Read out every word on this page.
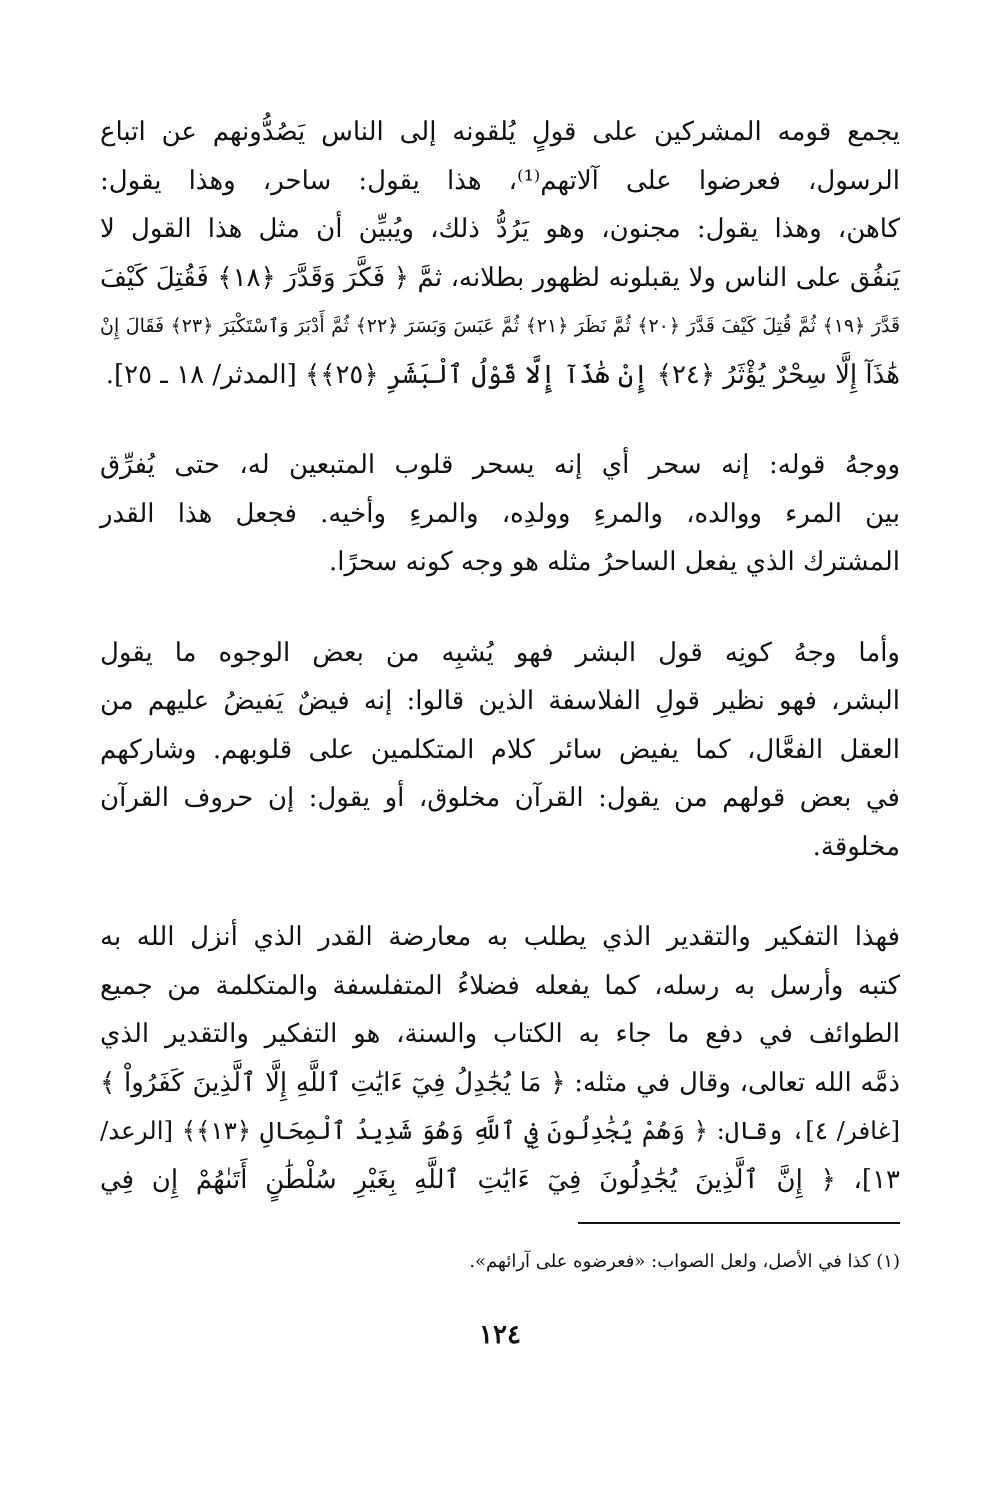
يجمع قومه المشركين على قولٍ يُلقونه إلى الناس يَصُدُّونهم عن اتباع
الرسول، فعرضوا على آلاتهم⁽¹⁾، هذا يقول: ساحر، وهذا يقول:
كاهن، وهذا يقول: مجنون، وهو يَرُدُّ ذلك، ويُبيِّن أن مثل هذا القول لا
يَنفُق على الناس ولا يقبلونه لظهور بطلانه، ثمَّ ﴿ فَكَّرَ وَقَدَّرَ ﴿١٨﴾ فَقُتِلَ كَيْفَ
قَدَّرَ ﴿١٩﴾ ثُمَّ قُتِلَ كَيْفَ قَدَّرَ ﴿٢٠﴾ ثُمَّ نَظَرَ ﴿٢١﴾ ثُمَّ عَبَسَ وَبَسَرَ ﴿٢٢﴾ ثُمَّ أَدْبَرَ وَٱسْتَكْبَرَ ﴿٢٣﴾ فَقَالَ إِنْ
هَٰذَآ إِلَّا سِحْرٌ يُؤْثَرُ ﴿٢٤﴾ إِنْ هَٰذَآ إِلَّا قَوْلُ ٱلْبَشَرِ ﴿٢٥﴾﴾ [المدثر/ ١٨ ـ ٢٥].
ووجهُ قوله: إنه سحر أي إنه يسحر قلوب المتبعين له، حتى يُفرِّق
بين المرء ووالده، والمرءِ وولدِه، والمرءِ وأخيه. فجعل هذا القدر
المشترك الذي يفعل الساحرُ مثله هو وجه كونه سحرًا.
وأما وجهُ كونِه قول البشر فهو يُشبِه من بعض الوجوه ما يقول
البشر، فهو نظير قولِ الفلاسفة الذين قالوا: إنه فيضٌ يَفيضُ عليهم من
العقل الفعَّال، كما يفيض سائر كلام المتكلمين على قلوبهم. وشاركهم
في بعض قولهم من يقول: القرآن مخلوق، أو يقول: إن حروف القرآن
مخلوقة.
فهذا التفكير والتقدير الذي يطلب به معارضة القدر الذي أنزل الله به
كتبه وأرسل به رسله، كما يفعله فضلاءُ المتفلسفة والمتكلمة من جميع
الطوائف في دفع ما جاء به الكتاب والسنة، هو التفكير والتقدير الذي
ذمَّه الله تعالى، وقال في مثله: ﴿ مَا يُجَٰدِلُ فِيٓ ءَايَٰتِ ٱللَّهِ إِلَّا ٱلَّذِينَ كَفَرُواْ ﴾
[غافر/ ٤]، وقال: ﴿ وَهُمْ يُجَٰدِلُونَ فِي ٱللَّهِ وَهُوَ شَدِيدُ ٱلْمِحَالِ ﴿١٣﴾﴾ [الرعد/
١٣]، ﴿ إِنَّ ٱلَّذِينَ يُجَٰدِلُونَ فِيٓ ءَايَٰتِ ٱللَّهِ بِغَيْرِ سُلْطَٰنٍ أَتَىٰهُمْ إِن فِي
(١) كذا في الأصل، ولعل الصواب: «فعرضوه على آرائهم».
١٢٤
